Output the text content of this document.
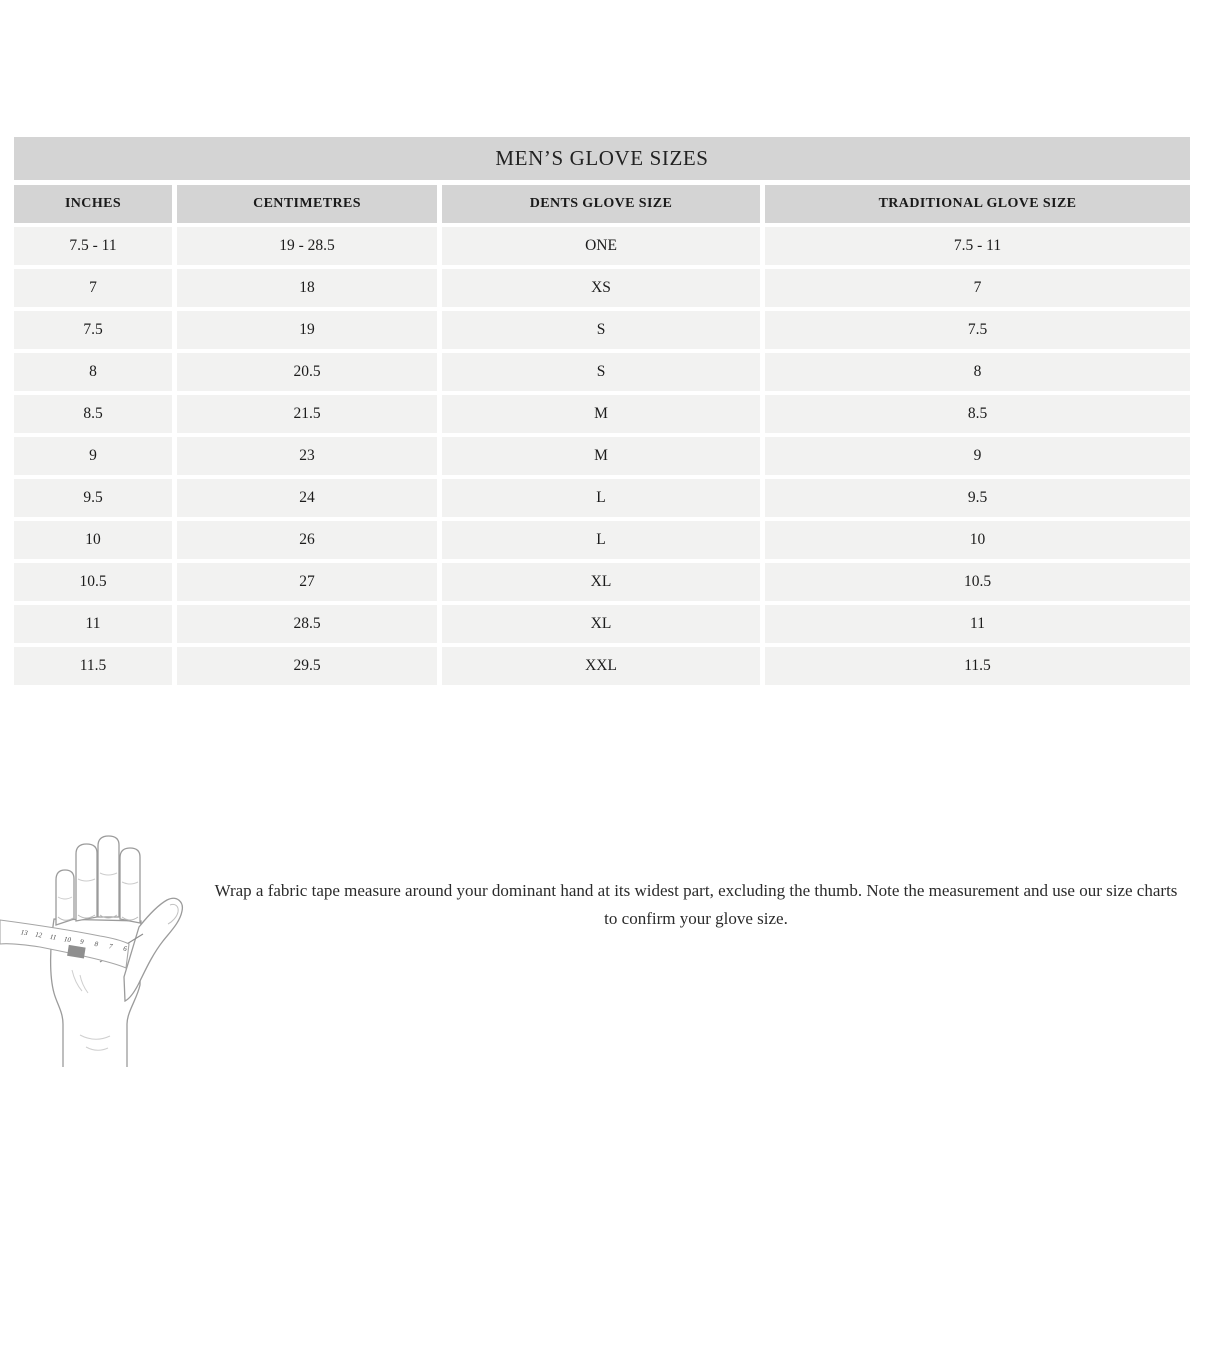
MEN’S GLOVE SIZES
INCHES	CENTIMETRES	DENTS GLOVE SIZE	TRADITIONAL GLOVE SIZE
7.5 - 11	19 - 28.5	ONE	7.5 - 11
7	18	XS	7
7.5	19	S	7.5
8	20.5	S	8
8.5	21.5	M	8.5
9	23	M	9
9.5	24	L	9.5
10	26	L	10
10.5	27	XL	10.5
11	28.5	XL	11
11.5	29.5	XXL	11.5
13 12 11 10 9 8 7 6
Wrap a fabric tape measure around your dominant hand at its widest part, excluding the thumb. Note the measurement and use our size charts
to confirm your glove size.
